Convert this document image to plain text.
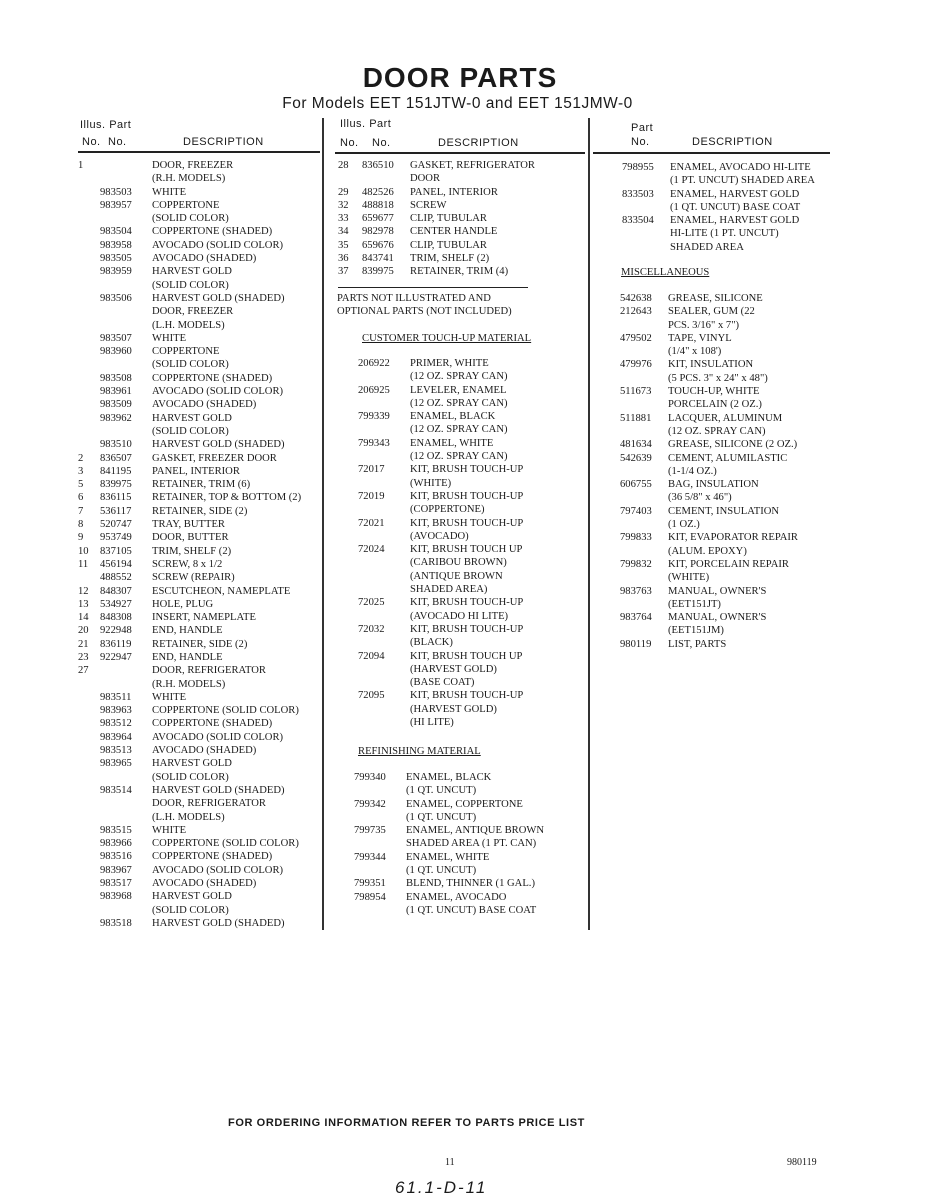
DOOR PARTS
For Models EET 151JTW-0 and EET 151JMW-0
Illus. Part
No. No.	DESCRIPTION
Illus. Part
No. No.	DESCRIPTION
Part
No.	DESCRIPTION
1	DOOR, FREEZER
(R.H. MODELS)
983503 WHITE
983957 COPPERTONE
(SOLID COLOR)
983504 COPPERTONE (SHADED)
983958 AVOCADO (SOLID COLOR)
983505 AVOCADO (SHADED)
983959 HARVEST GOLD
(SOLID COLOR)
983506 HARVEST GOLD (SHADED)
DOOR, FREEZER
(L.H. MODELS)
983507 WHITE
983960 COPPERTONE
(SOLID COLOR)
983508 COPPERTONE (SHADED)
983961 AVOCADO (SOLID COLOR)
983509 AVOCADO (SHADED)
983962 HARVEST GOLD
(SOLID COLOR)
983510 HARVEST GOLD (SHADED)
2 836507 GASKET, FREEZER DOOR
3 841195 PANEL, INTERIOR
5 839975 RETAINER, TRIM (6)
6 836115 RETAINER, TOP & BOTTOM (2)
7 536117 RETAINER, SIDE (2)
8 520747 TRAY, BUTTER
9 953749 DOOR, BUTTER
10 837105 TRIM, SHELF (2)
11 456194 SCREW, 8 x 1/2
488552 SCREW (REPAIR)
12 848307 ESCUTCHEON, NAMEPLATE
13 534927 HOLE, PLUG
14 848308 INSERT, NAMEPLATE
20 922948 END, HANDLE
21 836119 RETAINER, SIDE (2)
23 922947 END, HANDLE
27	DOOR, REFRIGERATOR
(R.H. MODELS)
983511 WHITE
983963 COPPERTONE (SOLID COLOR)
983512 COPPERTONE (SHADED)
983964 AVOCADO (SOLID COLOR)
983513 AVOCADO (SHADED)
983965 HARVEST GOLD
(SOLID COLOR)
983514 HARVEST GOLD (SHADED)
DOOR, REFRIGERATOR
(L.H. MODELS)
983515 WHITE
983966 COPPERTONE (SOLID COLOR)
983516 COPPERTONE (SHADED)
983967 AVOCADO (SOLID COLOR)
983517 AVOCADO (SHADED)
983968 HARVEST GOLD
(SOLID COLOR)
983518 HARVEST GOLD (SHADED)
28 836510 GASKET, REFRIGERATOR
DOOR
29 482526 PANEL, INTERIOR
32 488818 SCREW
33 659677 CLIP, TUBULAR
34 982978 CENTER HANDLE
35 659676 CLIP, TUBULAR
36 843741 TRIM, SHELF (2)
37 839975 RETAINER, TRIM (4)
PARTS NOT ILLUSTRATED AND
OPTIONAL PARTS (NOT INCLUDED)
CUSTOMER TOUCH-UP MATERIAL
206922 PRIMER, WHITE
(12 OZ. SPRAY CAN)
206925 LEVELER, ENAMEL
(12 OZ. SPRAY CAN)
799339 ENAMEL, BLACK
(12 OZ. SPRAY CAN)
799343 ENAMEL, WHITE
(12 OZ. SPRAY CAN)
72017 KIT, BRUSH TOUCH-UP
(WHITE)
72019 KIT, BRUSH TOUCH-UP
(COPPERTONE)
72021 KIT, BRUSH TOUCH-UP
(AVOCADO)
72024 KIT, BRUSH TOUCH UP
(CARIBOU BROWN)
(ANTIQUE BROWN
SHADED AREA)
72025 KIT, BRUSH TOUCH-UP
(AVOCADO HI LITE)
72032 KIT, BRUSH TOUCH-UP
(BLACK)
72094 KIT, BRUSH TOUCH UP
(HARVEST GOLD)
(BASE COAT)
72095 KIT, BRUSH TOUCH-UP
(HARVEST GOLD)
(HI LITE)
REFINISHING MATERIAL
799340 ENAMEL, BLACK
(1 QT. UNCUT)
799342 ENAMEL, COPPERTONE
(1 QT. UNCUT)
799735 ENAMEL, ANTIQUE BROWN
SHADED AREA (1 PT. CAN)
799344 ENAMEL, WHITE
(1 QT. UNCUT)
799351 BLEND, THINNER (1 GAL.)
798954 ENAMEL, AVOCADO
(1 QT. UNCUT) BASE COAT
798955 ENAMEL, AVOCADO HI-LITE
(1 PT. UNCUT) SHADED AREA
833503 ENAMEL, HARVEST GOLD
(1 QT. UNCUT) BASE COAT
833504 ENAMEL, HARVEST GOLD
HI-LITE (1 PT. UNCUT)
SHADED AREA
MISCELLANEOUS
542638 GREASE, SILICONE
212643 SEALER, GUM (22
PCS. 3/16" x 7")
479502 TAPE, VINYL
(1/4" x 108')
479976 KIT, INSULATION
(5 PCS. 3" x 24" x 48")
511673 TOUCH-UP, WHITE
PORCELAIN (2 OZ.)
511881 LACQUER, ALUMINUM
(12 OZ. SPRAY CAN)
481634 GREASE, SILICONE (2 OZ.)
542639 CEMENT, ALUMILASTIC
(1-1/4 OZ.)
606755 BAG, INSULATION
(36 5/8" x 46")
797403 CEMENT, INSULATION
(1 OZ.)
799833 KIT, EVAPORATOR REPAIR
(ALUM. EPOXY)
799832 KIT, PORCELAIN REPAIR
(WHITE)
983763 MANUAL, OWNER'S
(EET151JT)
983764 MANUAL, OWNER'S
(EET151JM)
980119 LIST, PARTS
FOR ORDERING INFORMATION REFER TO PARTS PRICE LIST
11	980119
61.1-D-11
